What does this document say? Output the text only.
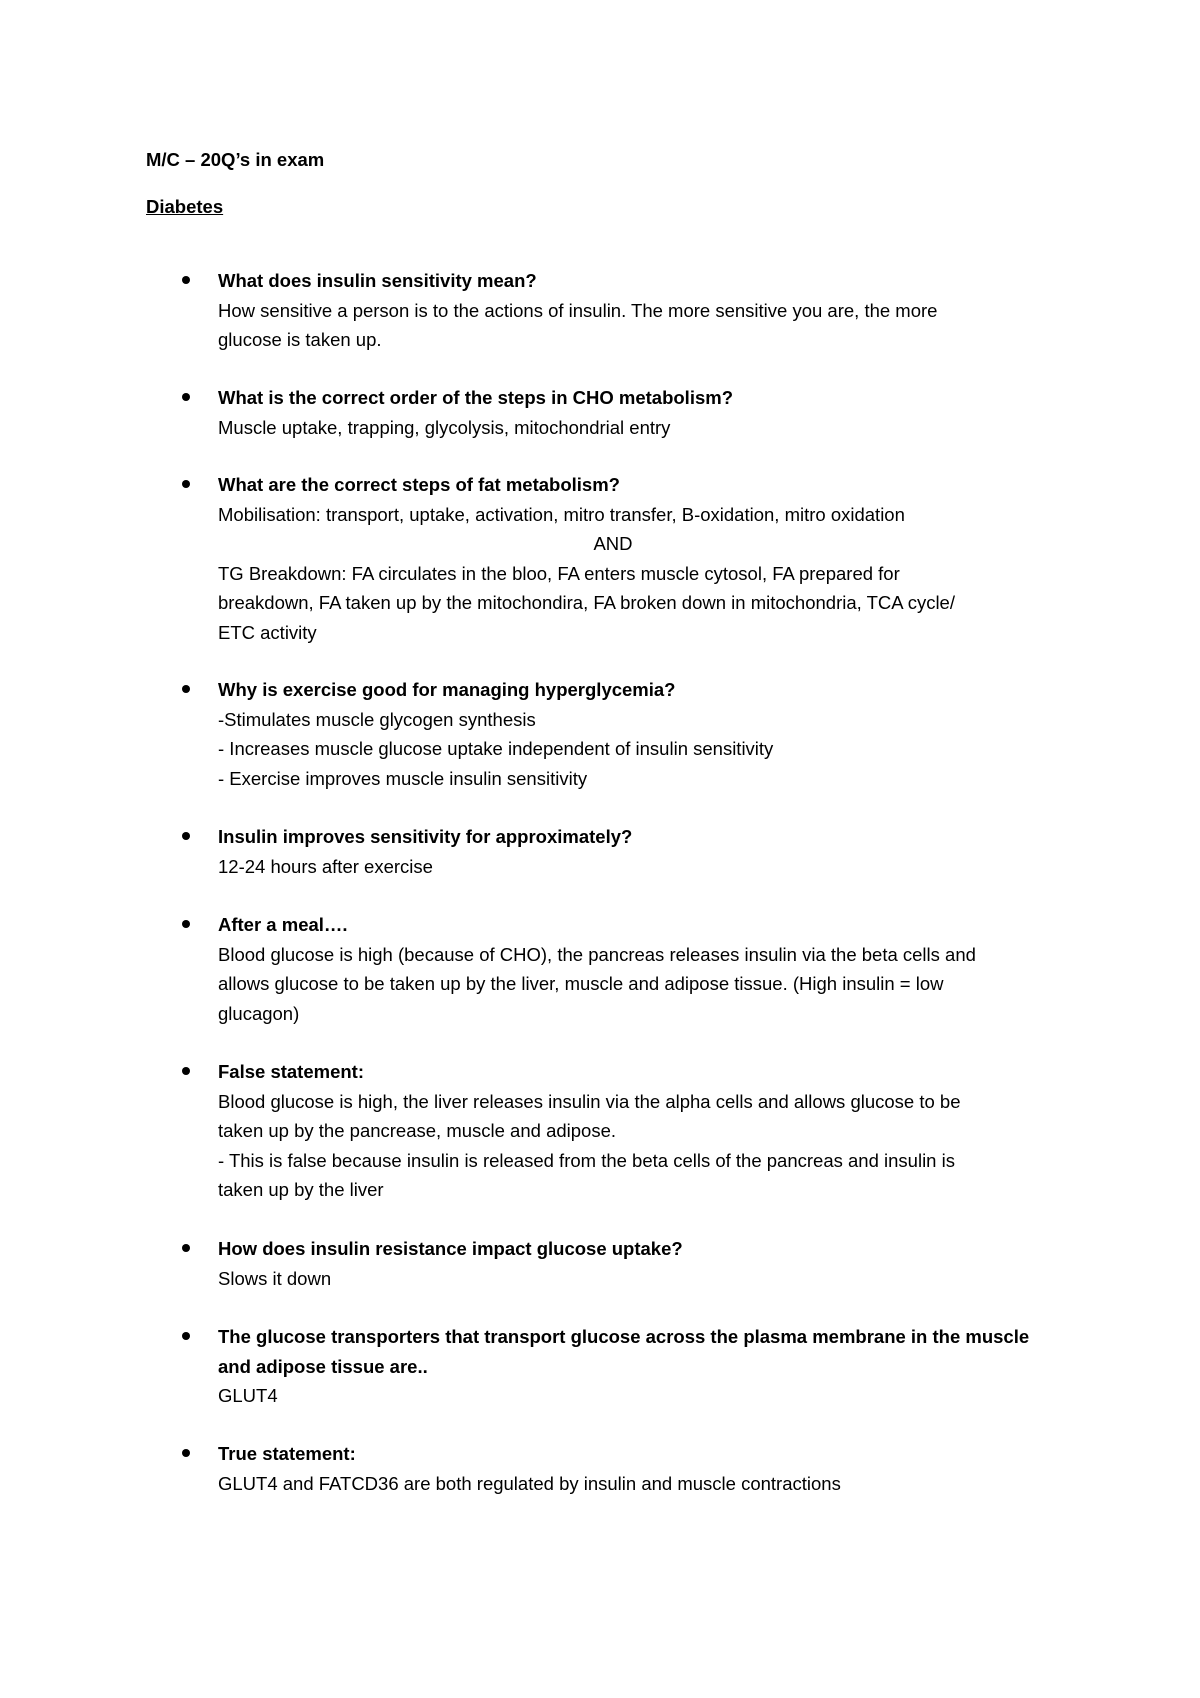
M/C – 20Q’s in exam
Diabetes
What does insulin sensitivity mean?
How sensitive a person is to the actions of insulin. The more sensitive you are, the more
glucose is taken up.
What is the correct order of the steps in CHO metabolism?
Muscle uptake, trapping, glycolysis, mitochondrial entry
What are the correct steps of fat metabolism?
Mobilisation: transport, uptake, activation, mitro transfer, B-oxidation, mitro oxidation
AND
TG Breakdown: FA circulates in the bloo, FA enters muscle cytosol, FA prepared for
breakdown, FA taken up by the mitochondira, FA broken down in mitochondria, TCA cycle/
ETC activity
Why is exercise good for managing hyperglycemia?
-Stimulates muscle glycogen synthesis
- Increases muscle glucose uptake independent of insulin sensitivity
- Exercise improves muscle insulin sensitivity
Insulin improves sensitivity for approximately?
12-24 hours after exercise
After a meal….
Blood glucose is high (because of CHO), the pancreas releases insulin via the beta cells and
allows glucose to be taken up by the liver, muscle and adipose tissue. (High insulin = low
glucagon)
False statement:
Blood glucose is high, the liver releases insulin via the alpha cells and allows glucose to be
taken up by the pancrease, muscle and adipose.
- This is false because insulin is released from the beta cells of the pancreas and insulin is
taken up by the liver
How does insulin resistance impact glucose uptake?
Slows it down
The glucose transporters that transport glucose across the plasma membrane in the muscle and adipose tissue are..
GLUT4
True statement:
GLUT4 and FATCD36 are both regulated by insulin and muscle contractions
